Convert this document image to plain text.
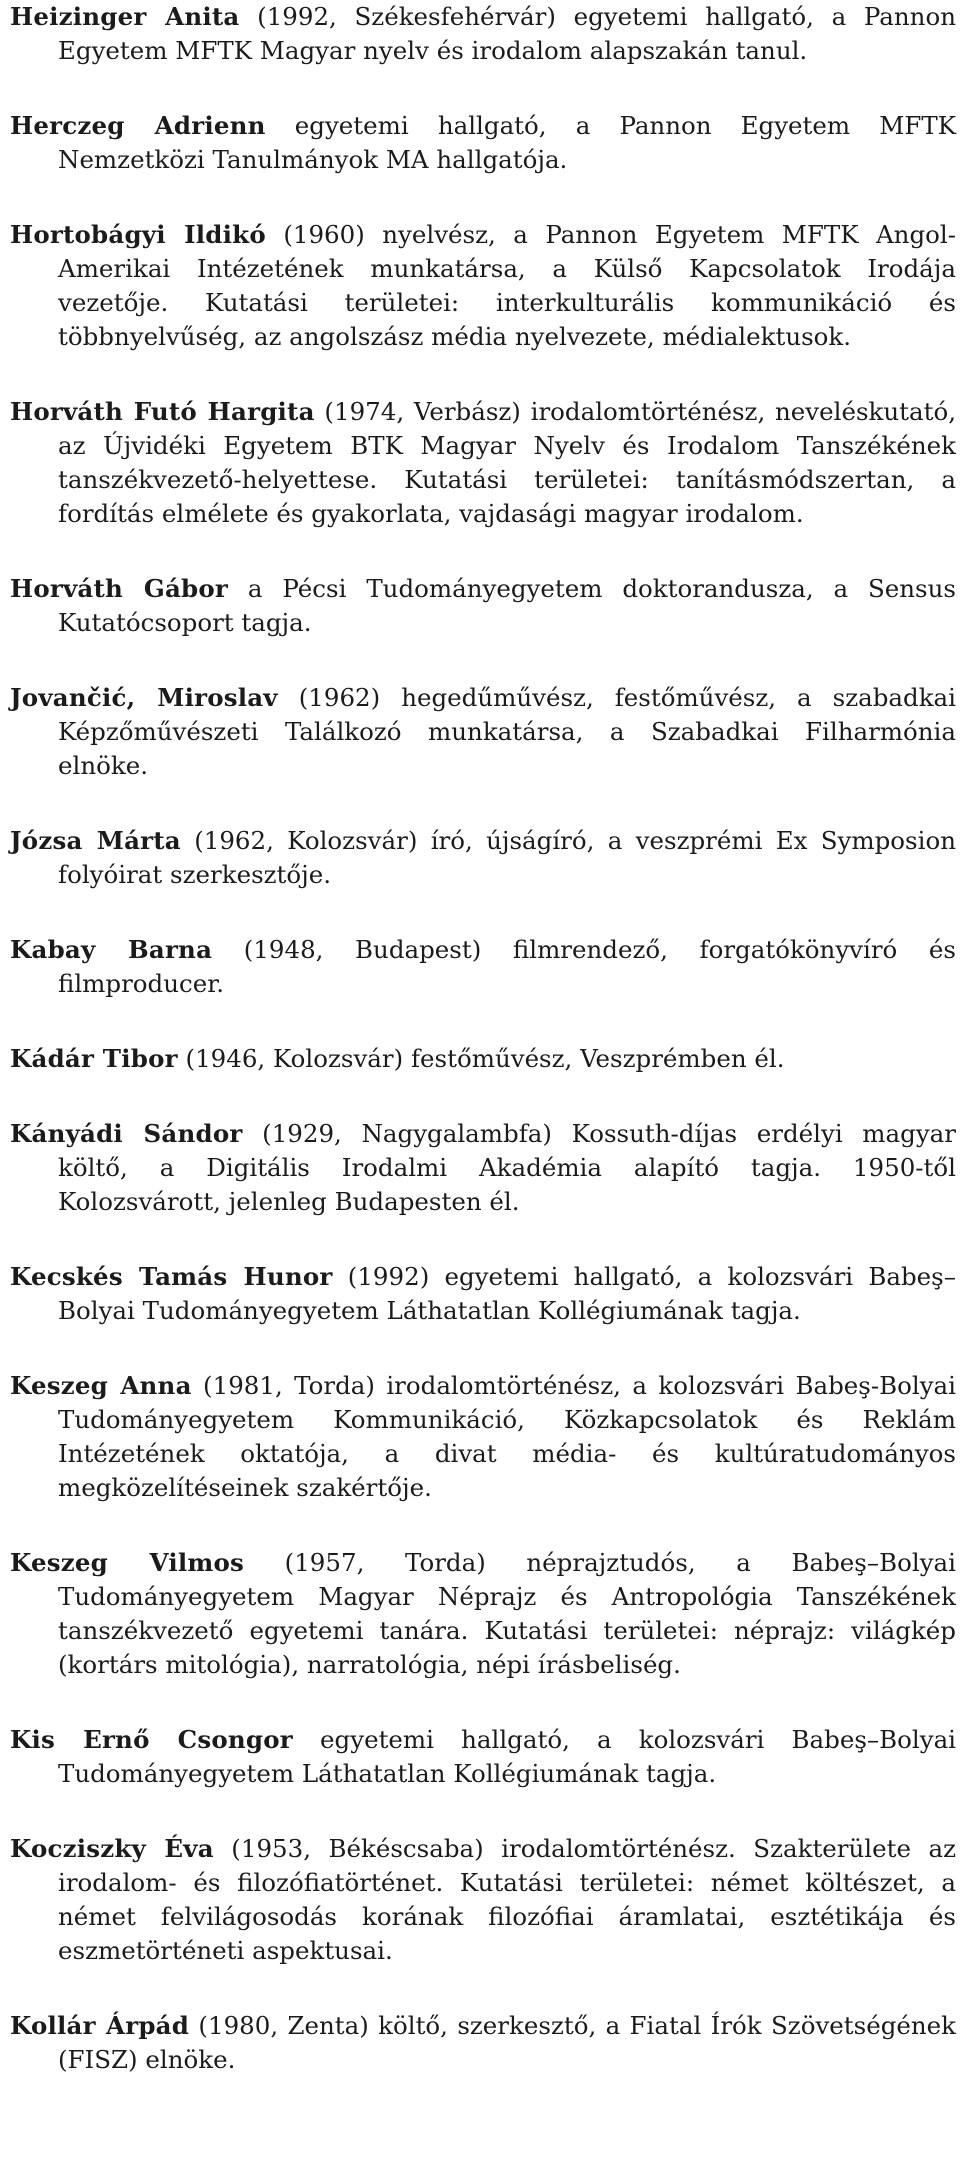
Heizinger Anita (1992, Székesfehérvár) egyetemi hallgató, a Pannon Egyetem MFTK Magyar nyelv és irodalom alapszakán tanul.

Herczeg Adrienn egyetemi hallgató, a Pannon Egyetem MFTK Nemzetközi Tanulmányok MA hallgatója.

Hortobágyi Ildikó (1960) nyelvész, a Pannon Egyetem MFTK Angol-Amerikai Intézetének munkatársa, a Külső Kapcsolatok Irodája vezetője. Kutatási területei: interkulturális kommunikáció és többnyelvűség, az angolszász média nyelvezete, médialektusok.

Horváth Futó Hargita (1974, Verbász) irodalomtörténész, neveléskutató, az Újvidéki Egyetem BTK Magyar Nyelv és Irodalom Tanszékének tanszékvezető-helyettese. Kutatási területei: tanításmódszertan, a fordítás elmélete és gyakorlata, vajdasági magyar irodalom.

Horváth Gábor a Pécsi Tudományegyetem doktorandusza, a Sensus Kutatócsoport tagja.

Jovančić, Miroslav (1962) hegedűművész, festőművész, a szabadkai Képzőművészeti Találkozó munkatársa, a Szabadkai Filharmónia elnöke.

Józsa Márta (1962, Kolozsvár) író, újságíró, a veszprémi Ex Symposion folyóirat szerkesztője.

Kabay Barna (1948, Budapest) filmrendező, forgatókönyvíró és filmproducer.

Kádár Tibor (1946, Kolozsvár) festőművész, Veszprémben él.

Kányádi Sándor (1929, Nagygalambfa) Kossuth-díjas erdélyi magyar költő, a Digitális Irodalmi Akadémia alapító tagja. 1950-től Kolozsvárott, jelenleg Budapesten él.

Kecskés Tamás Hunor (1992) egyetemi hallgató, a kolozsvári Babeş–Bolyai Tudományegyetem Láthatatlan Kollégiumának tagja.

Keszeg Anna (1981, Torda) irodalomtörténész, a kolozsvári Babeş-Bolyai Tudományegyetem Kommunikáció, Közkapcsolatok és Reklám Intézetének oktatója, a divat média- és kultúratudományos megközelítéseinek szakértője.

Keszeg Vilmos (1957, Torda) néprajztudós, a Babeş–Bolyai Tudományegyetem Magyar Néprajz és Antropológia Tanszékének tanszékvezető egyetemi tanára. Kutatási területei: néprajz: világkép (kortárs mitológia), narratológia, népi írásbeliség.

Kis Ernő Csongor egyetemi hallgató, a kolozsvári Babeş–Bolyai Tudományegyetem Láthatatlan Kollégiumának tagja.

Kocziszky Éva (1953, Békéscsaba) irodalomtörténész. Szakterülete az irodalom- és filozófiatörténet. Kutatási területei: német költészet, a német felvilágosodás korának filozófiai áramlatai, esztétikája és eszmetörténeti aspektusai.

Kollár Árpád (1980, Zenta) költő, szerkesztő, a Fiatal Írók Szövetségének (FISZ) elnöke.
